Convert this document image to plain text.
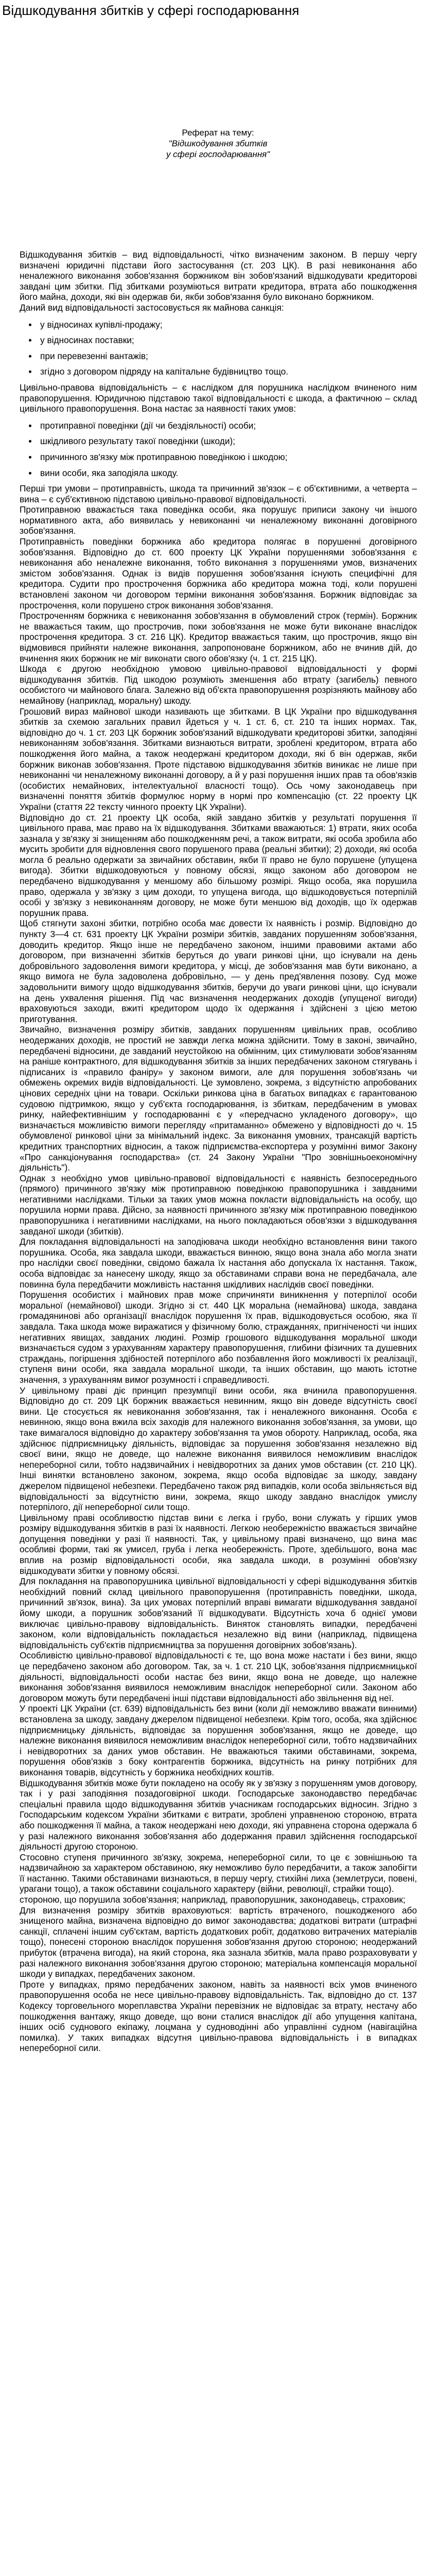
Відшкодування збитків у сфері господарювання
Реферат на тему:
"Відшкодування збитків
у сфері господарювання"

Відшкодування збитків – вид відповідальності, чітко визначеним законом. В першу чергу визначені юридичні підстави його застосування (ст. 203 ЦК). В разі невиконання або неналежного виконання зобов'язання боржником він зобов'язаний відшкодувати кредиторові завдані цим збитки. Під збитками розуміються витрати кредитора, втрата або пошкодження його майна, доходи, які він одержав би, якби зобов'язання було виконано боржником.

Даний вид відповідальності застосовується як майнова санкція:

у відносинах купівлі-продажу;
у відносинах поставки;
при перевезенні вантажів;
згідно з договором підряду на капітальне будівництво тощо.

Цивільно-правова відповідальність – є наслідком для порушника наслідком вчиненого ним правопорушення. Юридичною підставою такої відповідальності є шкода, а фактичною – склад цивільного правопорушення. Вона настає за наявності таких умов:

протиправної поведінки (дії чи бездіяльності) особи;
шкідливого результату такої поведінки (шкоди);
причинного зв'язку між протиправною поведінкою і шкодою;
вини особи, яка заподіяла шкоду.

Перші три умови – протиправність, шкода та причинний зв'язок – є об'єктивними, а четверта – вина – є суб'єктивною підставою цивільно-правової відповідальності.

Протиправною вважається така поведінка особи, яка порушує приписи закону чи іншого нормативного акта, або виявилась у невиконанні чи неналежному виконанні договірного зобов'язання.

Протиправність поведінки боржника або кредитора полягає в порушенні договірного зобов'язання. Відповідно до ст. 600 проекту ЦК України порушеннями зобов'язання є невиконання або неналежне виконання, тобто виконання з порушеннями умов, визначених змістом зобов'язання. Однак із видів порушення зобов'язання існують специфічні для кредитора. Судити про прострочення боржника або кредитора можна тоді, коли порушені встановлені законом чи договором терміни виконання зобов'язання. Боржник відповідає за прострочення, коли порушено строк виконання зобов'язання.

Простроченням боржника є невиконання зобов'язання в обумовлений строк (термін). Боржник не вважається таким, що прострочив, поки зобов'язання не може бути виконане внаслідок прострочення кредитора. З ст. 216 ЦК). Кредитор вважається таким, що прострочив, якщо він відмовився прийняти належне виконання, запропоноване боржником, або не вчинив дій, до вчинення яких боржник не міг виконати свого обов'язку (ч. 1 ст. 215 ЦК).

Шкода є другою необхідною умовою цивільно-правової відповідальності у формі відшкодування збитків. Під шкодою розуміють зменшення або втрату (загибель) певного особистого чи майнового блага. Залежно від об'єкта правопорушення розрізняють майнову або немайнову (наприклад, моральну) шкоду.

Грошовий вираз майнової шкоди називають ще збитками. В ЦК України про відшкодування збитків за схемою загальних правил йдеться у ч. 1 ст. 6, ст. 210 та інших нормах. Так, відповідно до ч. 1 ст. 203 ЦК боржник зобов'язаний відшкодувати кредиторові збитки, заподіяні невиконанням зобов'язання. Збитками визнаються витрати, зроблені кредитором, втрата або пошкодження його майна, а також неодержані кредитором доходи, які б він одержав, якби боржник виконав зобов'язання. Проте підставою відшкодування збитків виникає не лише при невиконанні чи неналежному виконанні договору, а й у разі порушення інших прав та обов'язків (особистих немайнових, інтелектуальної власності тощо). Ось чому законодавець при визначенні поняття збитків формулює норму в нормі про компенсацію (ст. 22 проекту ЦК України (стаття 22 тексту чинного проекту ЦК України).

Відповідно до ст. 21 проекту ЦК особа, якій завдано збитків у результаті порушення її цивільного права, має право на їх відшкодування. Збитками вважаються: 1) втрати, яких особа зазнала у зв'язку зі знищенням або пошкодженням речі, а також витрати, які особа зробила або мусить зробити для відновлення свого порушеного права (реальні збитки); 2) доходи, які особа могла б реально одержати за звичайних обставин, якби її право не було порушене (упущена вигода). Збитки відшкодовуються у повному обсязі, якщо законом або договором не передбачено відшкодування у меншому або більшому розмірі. Якщо особа, яка порушила право, одержала у зв'язку з цим доходи, то упущена вигода, що відшкодовується потерпілій особі у зв'язку з невиконанням договору, не може бути меншою від доходів, що їх одержав порушник права.

Щоб стягнути захоні збитки, потрібно особа має довести їх наявність і розмір. Відповідно до пункту 3—4 ст. 631 проекту ЦК України розміри збитків, завданих порушенням зобов'язання, доводить кредитор. Якщо інше не передбачено законом, іншими правовими актами або договором, при визначенні збитків беруться до уваги ринкові ціни, що існували на день добровільного задоволення вимоги кредитора, у місці, де зобов'язання мав бути виконано, а якщо вимога не була задоволена добровільно, — у день пред'явлення позову. Суд може задовольнити вимогу щодо відшкодування збитків, беручи до уваги ринкові ціни, що існували на день ухвалення рішення. Під час визначення неодержаних доходів (упущеної вигоди) враховуються заходи, вжиті кредитором щодо їх одержання і здійснені з цією метою приготування.

Звичайно, визначення розміру збитків, завданих порушенням цивільних прав, особливо неодержаних доходів, не простий не завжди легка можна здійснити. Тому в законі, звичайно, передбачені відносини, де завданий неустойкою на обмінним, цих стимулювати зобов'язанням на раніше контрактного, для відшкодування збитків за інших передбачених законом стягувань і підписаних із «правило фаніру» у законом вимоги, але для порушення зобов'язань чи обмежень окремих видів відповідальності. Це зумовлено, зокрема, з відсутністю апробованих цінових середніх ціни на товари. Оскільки ринкова ціна в багатьох випадках є гарантованою судовою підтримкою, якщо у суб'єкта господарювання, із збиткам, передбаченим в умовах ринку, найефективнішим у господарюванні є у «передчасно укладеного договору», що визначається можливістю вимоги перегляду «притаманно» обмежено у відповідності до ч. 15 обумовленої ринкової ціни за мінімальний індекс. За виконання умовних, трансакцій вартість кредитних транспортних відносин, а також підприємства-експортера у розумінні вимог Закону «Про санкціонування господарства» (ст. 24 Закону України "Про зовнішньоекономічну діяльність").

Однак з необхідно умов цивільно-правової відповідальності є наявність безпосереднього (прямого) причинного зв'язку між протиправною поведінкою правопорушника і завданими негативними наслідками. Тільки за таких умов можна покласти відповідальність на особу, що порушила норми права. Дійсно, за наявності причинного зв'язку між протиправною поведінкою правопорушника і негативними наслідками, на нього покладаються обов'язки з відшкодування завданої шкоди (збитків).

Для покладання відповідальності на заподіювача шкоди необхідно встановлення вини такого порушника. Особа, яка завдала шкоди, вважається винною, якщо вона знала або могла знати про наслідки своєї поведінки, свідомо бажала їх настання або допускала їх настання. Також, особа відповідає за нанесену шкоду, якщо за обставинами справи вона не передбачала, але повинна була передбачити можливість настання шкідливих наслідків своєї поведінки.

Порушення особистих і майнових прав може спричиняти виникнення у потерпілої особи моральної (немайнової) шкоди. Згідно зі ст. 440 ЦК моральна (немайнова) шкода, завдана громадянинові або організації внаслідок порушення їх прав, відшкодовується особою, яка її завдала. Така шкода може виражатися у фізичному болю, стражданнях, пригніченості чи інших негативних явищах, завданих людині. Розмір грошового відшкодування моральної шкоди визначається судом з урахуванням характеру правопорушення, глибини фізичних та душевних страждань, погіршення здібностей потерпілого або позбавлення його можливості їх реалізації, ступеня вини особи, яка завдала моральної шкоди, та інших обставин, що мають істотне значення, з урахуванням вимог розумності і справедливості.

У цивільному праві діє принцип презумпції вини особи, яка вчинила правопорушення. Відповідно до ст. 209 ЦК боржник вважається невинним, якщо він доведе відсутність своєї вини. Це стосується як невиконання зобов'язання, так і неналежного виконання. Особа є невинною, якщо вона вжила всіх заходів для належного виконання зобов'язання, за умови, що таке вимагалося відповідно до характеру зобов'язання та умов обороту. Наприклад, особа, яка здійснює підприємницьку діяльність, відповідає за порушення зобов'язання незалежно від своєї вини, якщо не доведе, що належне виконання виявилося неможливим внаслідок непереборної сили, тобто надзвичайних і невідворотних за даних умов обставин (ст. 210 ЦК). Інші винятки встановлено законом, зокрема, якщо особа відповідає за шкоду, завдану джерелом підвищеної небезпеки. Передбачено також ряд випадків, коли особа звільняється від відповідальності за відсутністю вини, зокрема, якщо шкоду завдано внаслідок умислу потерпілого, дії непереборної сили тощо.

Цивільному праві особливостю підстав вини є легка і грубо, вони служать у гірших умов розміру відшкодування збитків в разі їх наявності. Легкою необережністю вважається звичайне допущення поведінки у разі її наявності. Так, у цивільному праві визначено, що вина має особливі форми, такі як умисел, груба і легка необережність. Проте, здебільшого, вона має вплив на розмір відповідальності особи, яка завдала шкоди, в розумінні обов'язку відшкодувати збитки у повному обсязі.

Для покладання на правопорушника цивільної відповідальності у сфері відшкодування збитків необхідний повний склад цивільного правопорушення (протиправність поведінки, шкода, причинний зв'язок, вина). За цих умовах потерпілий вправі вимагати відшкодування завданої йому шкоди, а порушник зобов'язаний її відшкодувати. Відсутність хоча б однієї умови виключає цивільно-правову відповідальність. Виняток становлять випадки, передбачені законом, коли відповідальність покладається незалежно від вини (наприклад, підвищена відповідальність суб'єктів підприємництва за порушення договірних зобов'язань).

Особливістю цивільно-правової відповідальності є те, що вона може настати і без вини, якщо це передбачено законом або договором. Так, за ч. 1 ст. 210 ЦК, зобов'язання підприємницької діяльності, відповідальності особи настає без вини, якщо вона не доведе, що належне виконання зобов'язання виявилося неможливим внаслідок непереборної сили. Законом або договором можуть бути передбачені інші підстави відповідальності або звільнення від неї.

У проекті ЦК України (ст. 639) відповідальність без вини (коли дії неможливо вважати винними) встановлена за шкоду, завдану джерелом підвищеної небезпеки. Крім того, особа, яка здійснює підприємницьку діяльність, відповідає за порушення зобов'язання, якщо не доведе, що належне виконання виявилося неможливим внаслідок непереборної сили, тобто надзвичайних і невідворотних за даних умов обставин. Не вважаються такими обставинами, зокрема, порушення обов'язків з боку контрагентів боржника, відсутність на ринку потрібних для виконання товарів, відсутність у боржника необхідних коштів.

Відшкодування збитків може бути покладено на особу як у зв'язку з порушенням умов договору, так і у разі заподіяння позадоговірної шкоди. Господарське законодавство передбачає спеціальні правила щодо відшкодування збитків учасникам господарських відносин. Згідно з Господарським кодексом України збитками є витрати, зроблені управненою стороною, втрата або пошкодження її майна, а також неодержані нею доходи, які управнена сторона одержала б у разі належного виконання зобов'язання або додержання правил здійснення господарської діяльності другою стороною.

Стосовно ступеня причинного зв'язку, зокрема, непереборної сили, то це є зовнішньою та надзвичайною за характером обставиною, яку неможливо було передбачити, а також запобігти її настанню. Такими обставинами визнаються, в першу чергу, стихійні лиха (землетруси, повені, урагани тощо), а також обставини соціального характеру (війни, революції, страйки тощо).

стороною, що порушила зобов'язання; наприклад, правопорушник, законодавець, страховик;

Для визначення розміру збитків враховуються: вартість втраченого, пошкодженого або знищеного майна, визначена відповідно до вимог законодавства; додаткові витрати (штрафні санкції, сплачені іншим суб'єктам, вартість додаткових робіт, додатково витрачених матеріалів тощо), понесені стороною внаслідок порушення зобов'язання другою стороною; неодержаний прибуток (втрачена вигода), на який сторона, яка зазнала збитків, мала право розраховувати у разі належного виконання зобов'язання другою стороною; матеріальна компенсація моральної шкоди у випадках, передбачених законом.

Проте у випадках, прямо передбачених законом, навіть за наявності всіх умов вчиненого правопорушення особа не несе цивільно-правову відповідальність. Так, відповідно до ст. 137 Кодексу торговельного мореплавства України перевізник не відповідає за втрату, нестачу або пошкодження вантажу, якщо доведе, що вони сталися внаслідок дії або упущення капітана, інших осіб суднового екіпажу, лоцмана у судноводінні або управлінні судном (навігаційна помилка). У таких випадках відсутня цивільно-правова відповідальність і в випадках непереборної сили.
